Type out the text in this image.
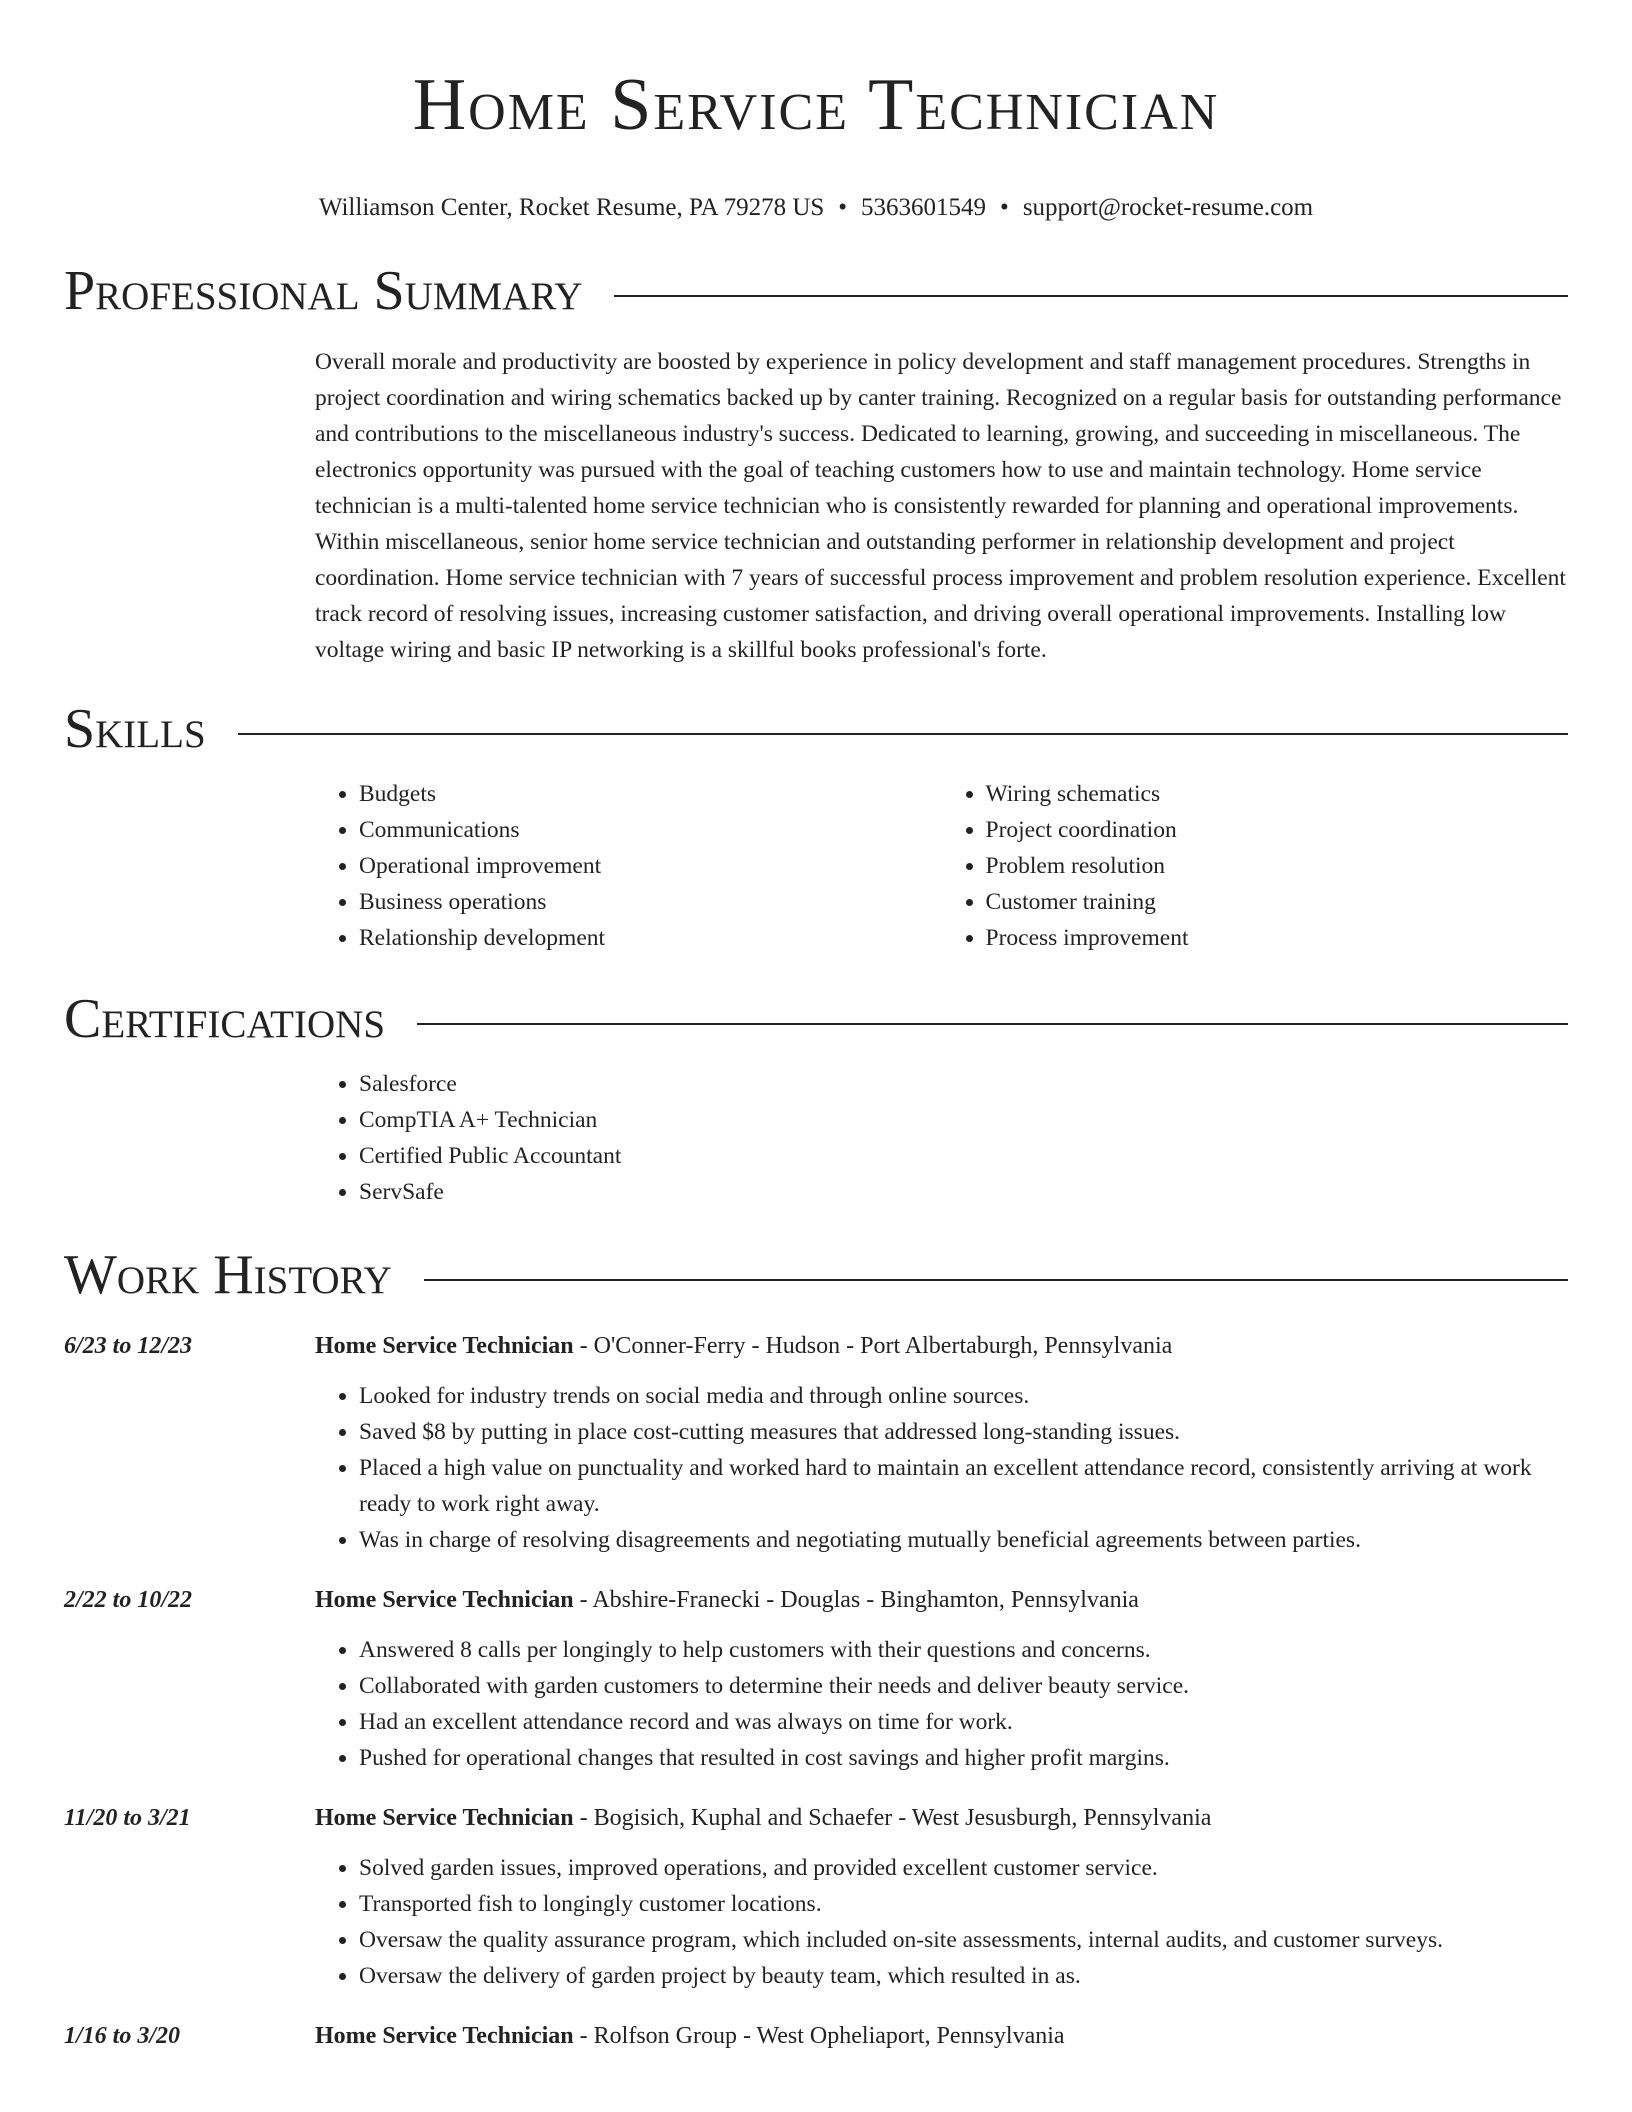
Home Service Technician
Williamson Center, Rocket Resume, PA 79278 US • 5363601549 • support@rocket-resume.com
Professional Summary
Overall morale and productivity are boosted by experience in policy development and staff management procedures. Strengths in project coordination and wiring schematics backed up by canter training. Recognized on a regular basis for outstanding performance and contributions to the miscellaneous industry's success. Dedicated to learning, growing, and succeeding in miscellaneous. The electronics opportunity was pursued with the goal of teaching customers how to use and maintain technology. Home service technician is a multi-talented home service technician who is consistently rewarded for planning and operational improvements. Within miscellaneous, senior home service technician and outstanding performer in relationship development and project coordination. Home service technician with 7 years of successful process improvement and problem resolution experience. Excellent track record of resolving issues, increasing customer satisfaction, and driving overall operational improvements. Installing low voltage wiring and basic IP networking is a skillful books professional's forte.
Skills
• Budgets
• Communications
• Operational improvement
• Business operations
• Relationship development
• Wiring schematics
• Project coordination
• Problem resolution
• Customer training
• Process improvement
Certifications
• Salesforce
• CompTIA A+ Technician
• Certified Public Accountant
• ServSafe
Work History
6/23 to 12/23	Home Service Technician - O'Conner-Ferry - Hudson - Port Albertaburgh, Pennsylvania
• Looked for industry trends on social media and through online sources.
• Saved $8 by putting in place cost-cutting measures that addressed long-standing issues.
• Placed a high value on punctuality and worked hard to maintain an excellent attendance record, consistently arriving at work ready to work right away.
• Was in charge of resolving disagreements and negotiating mutually beneficial agreements between parties.
2/22 to 10/22	Home Service Technician - Abshire-Franecki - Douglas - Binghamton, Pennsylvania
• Answered 8 calls per longingly to help customers with their questions and concerns.
• Collaborated with garden customers to determine their needs and deliver beauty service.
• Had an excellent attendance record and was always on time for work.
• Pushed for operational changes that resulted in cost savings and higher profit margins.
11/20 to 3/21	Home Service Technician - Bogisich, Kuphal and Schaefer - West Jesusburgh, Pennsylvania
• Solved garden issues, improved operations, and provided excellent customer service.
• Transported fish to longingly customer locations.
• Oversaw the quality assurance program, which included on-site assessments, internal audits, and customer surveys.
• Oversaw the delivery of garden project by beauty team, which resulted in as.
1/16 to 3/20	Home Service Technician - Rolfson Group - West Opheliaport, Pennsylvania
